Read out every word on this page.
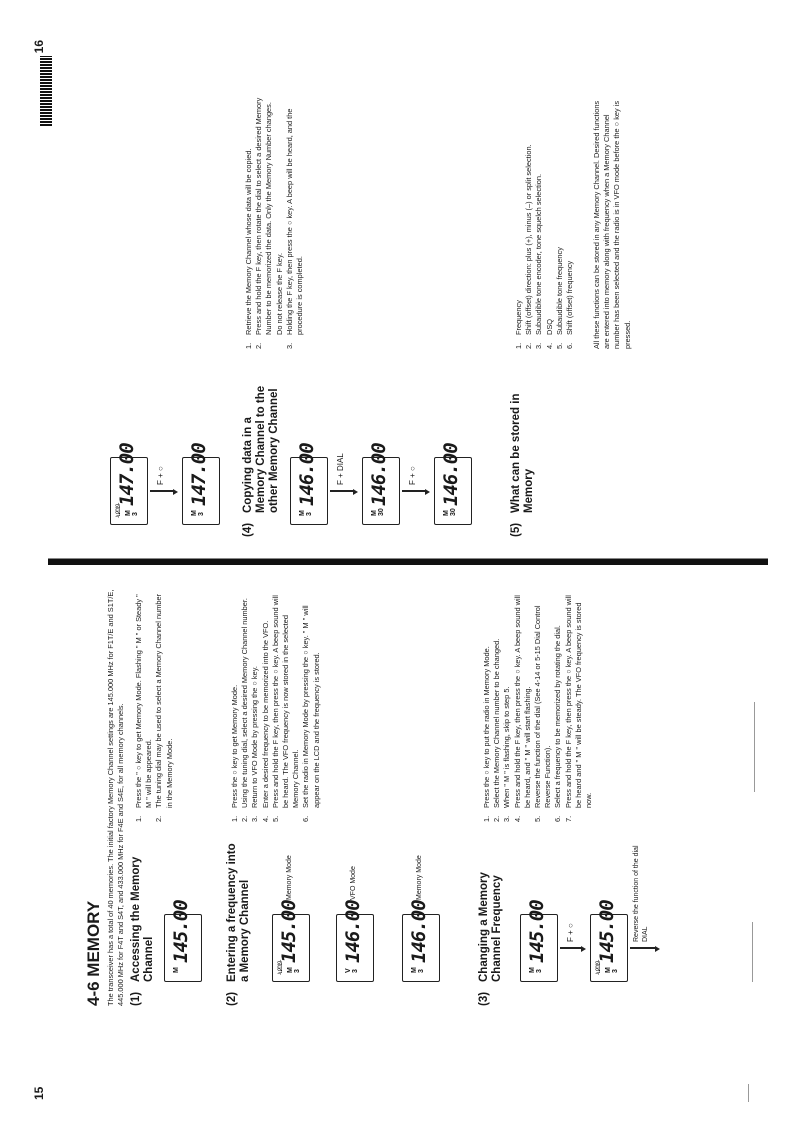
15
4-6 MEMORY The transceiver has a total of 40 memories. The initial factory Memory Channel settings are 145.000 MHz for F1T/E and S1T/E, 445.000 MHz for F4T and S4T, and 433.000 MHz for F4E and S4E, for all memory channels. (1)Accessing the Memory Channel	M
145.00
1.
Press the " ○ key to get Memory Mode. Flashing " M " or Steady " M " will be appeared.
2.
The tuning dial may be used to select a Memory Channel number in the Memory Mode.
(2)Entering a frequency into a Memory Channel	-\u2019- M
3
145.00
Memory Mode
V
3
146.00
VFO Mode
M
3
146.00
Memory Mode
1.
Press the ○ key to get Memory Mode.
2.
Using the tuning dial, select a desired Memory Channel number.
3.
Return to VFO Mode by pressing the ○ key.
4.
Enter a desired frequency to be memorized into the VFO.
5.
Press and hold the F key, then press the ○ key. A beep sound will be heard. The VFO frequency is now stored in the selected Memory Channel.
6.
Set the radio in Memory Mode by pressing the ○ key. " M " will appear on the LCD and the frequency is stored.
(3)Changing a Memory Channel Frequency	M
3
145.00 F + ○
-\u2019- M
3
145.00 Reverse the function of the dial DIAL
1.
Press the ○ key to put the radio in Memory Mode.
2.
Select the Memory Channel number to be changed.
3.
When " M " is flashing, skip to step 5.
4.
Press and hold the F key, then press the ○ key. A beep sound will be heard, and " M " will start flashing.
5.
Reverse the function of the dial (See 4-14 or 5-15 Dial Control Reverse Function).
6.
Select a frequency to be memorized by rotating the dial.
7.
Press and hold the F key, then press the ○ key. A beep sound will be heard and " M " will be steady. The VFO frequency is stored now.
16
-\u2019- M
3
147.00 F + ○
M
3
147.00
(4)Copying data in a Memory Channel to the other Memory Channel
M
3
146.00 F + DIAL
M
30
146.00 F + ○
M
30
146.00
1.
Retrieve the Memory Channel whose data will be copied.
2.
Press and hold the F key, then rotate the dial to select a desired Memory Number to be memorized the data. Only the Memory Number changes. Do not release the F key.
3.
Holding the F key, then press the ○ key. A beep will be heard, and the procedure is completed.
(5)What can be stored in Memory
1.
Frequency
2.
Shift (offset) direction: plus (+), minus (–) or split selection.
3.
Subaudible tone encoder, tone squelch selection.
4.
DSQ
5.
Subaudible tone frequency
6.
Shift (offset) frequency All these functions can be stored in any Memory Channel. Desired functions are entered into memory along with frequency when a Memory Channel number has been selected and the radio is in VFO mode before the ○ key is pressed.
